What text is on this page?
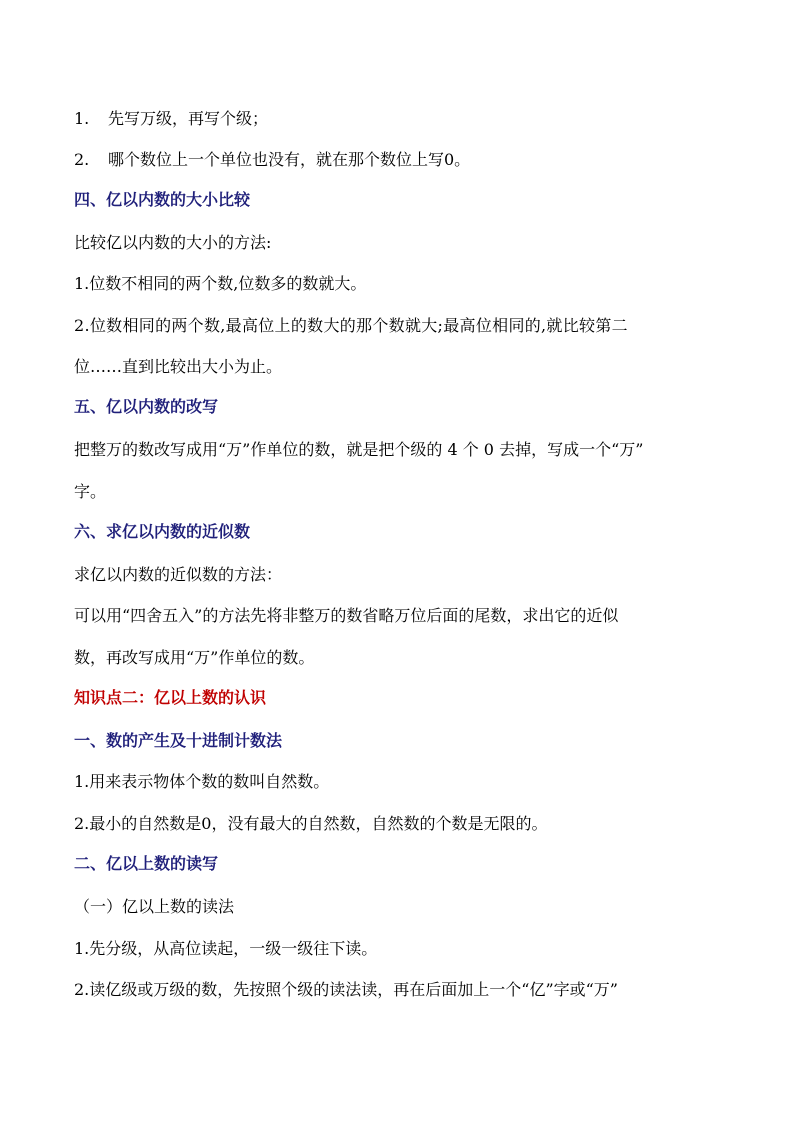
1. 先写万级，再写个级；
2. 哪个数位上一个单位也没有，就在那个数位上写0。
四、亿以内数的大小比较
比较亿以内数的大小的方法:
1.位数不相同的两个数,位数多的数就大。
2.位数相同的两个数,最高位上的数大的那个数就大;最高位相同的,就比较第二
位……直到比较出大小为止。
五、亿以内数的改写
把整万的数改写成用“万”作单位的数，就是把个级的 4 个 0 去掉，写成一个“万”
字。
六、求亿以内数的近似数
求亿以内数的近似数的方法：
可以用“四舍五入”的方法先将非整万的数省略万位后面的尾数，求出它的近似
数，再改写成用“万”作单位的数。
知识点二：亿以上数的认识
一、数的产生及十进制计数法
1.用来表示物体个数的数叫自然数。
2.最小的自然数是0，没有最大的自然数，自然数的个数是无限的。
二、亿以上数的读写
（一）亿以上数的读法
1.先分级，从高位读起，一级一级往下读。
2.读亿级或万级的数，先按照个级的读法读，再在后面加上一个“亿”字或“万”
